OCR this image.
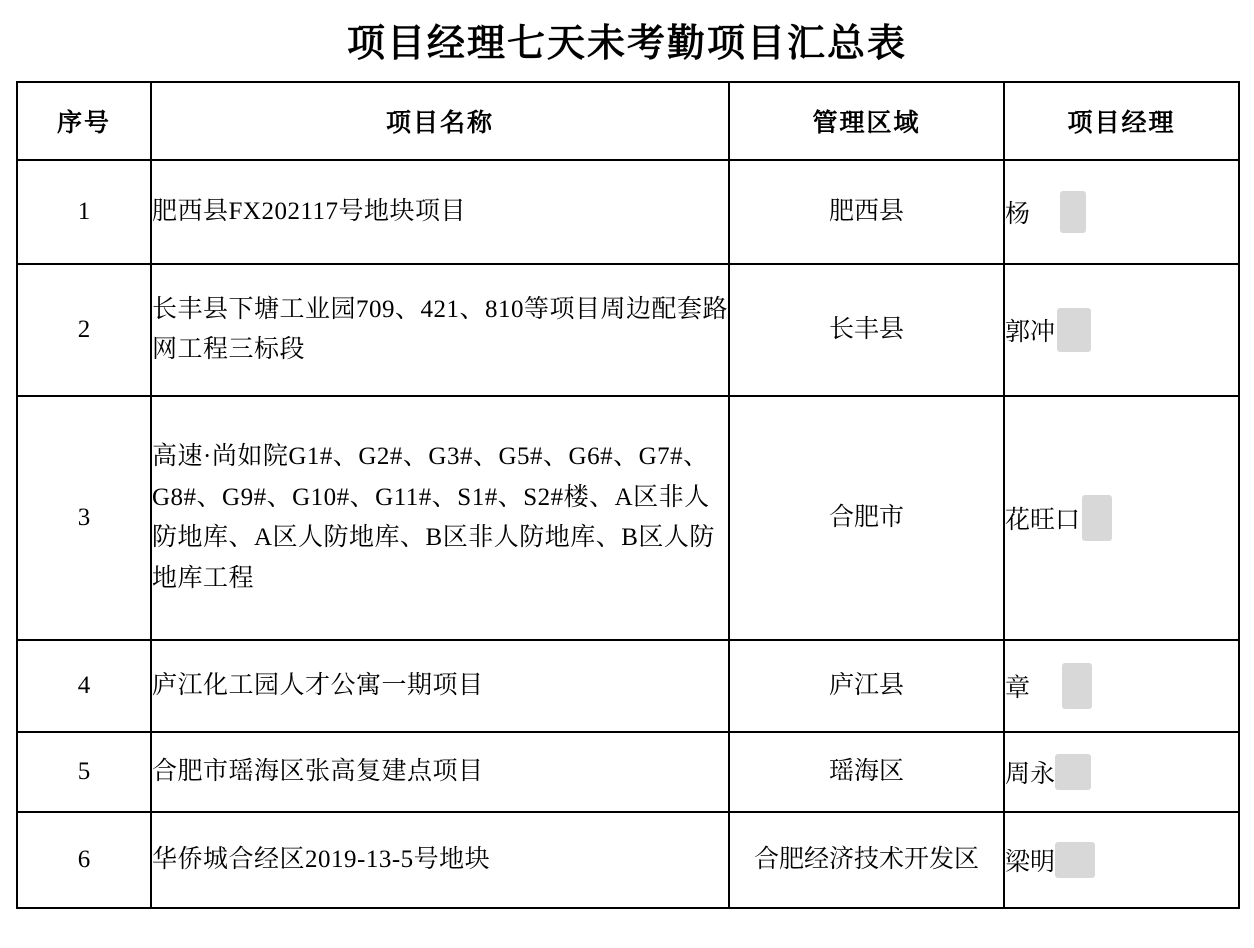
项目经理七天未考勤项目汇总表
序号	项目名称	管理区域	项目经理
1	肥西县FX202117号地块项目	肥西县	杨

2	长丰县下塘工业园709、421、810等项目周边配套路网工程三标段	长丰县	郭冲

3	高速·尚如院G1#、G2#、G3#、G5#、G6#、G7#、G8#、G9#、G10#、G11#、S1#、S2#楼、A区非人防地库、A区人防地库、B区非人防地库、B区人防地库工程	合肥市	花旺口

4	庐江化工园人才公寓一期项目	庐江县	章

5	合肥市瑶海区张高复建点项目	瑶海区	周永

6	华侨城合经区2019-13-5号地块	合肥经济技术开发区	梁明
